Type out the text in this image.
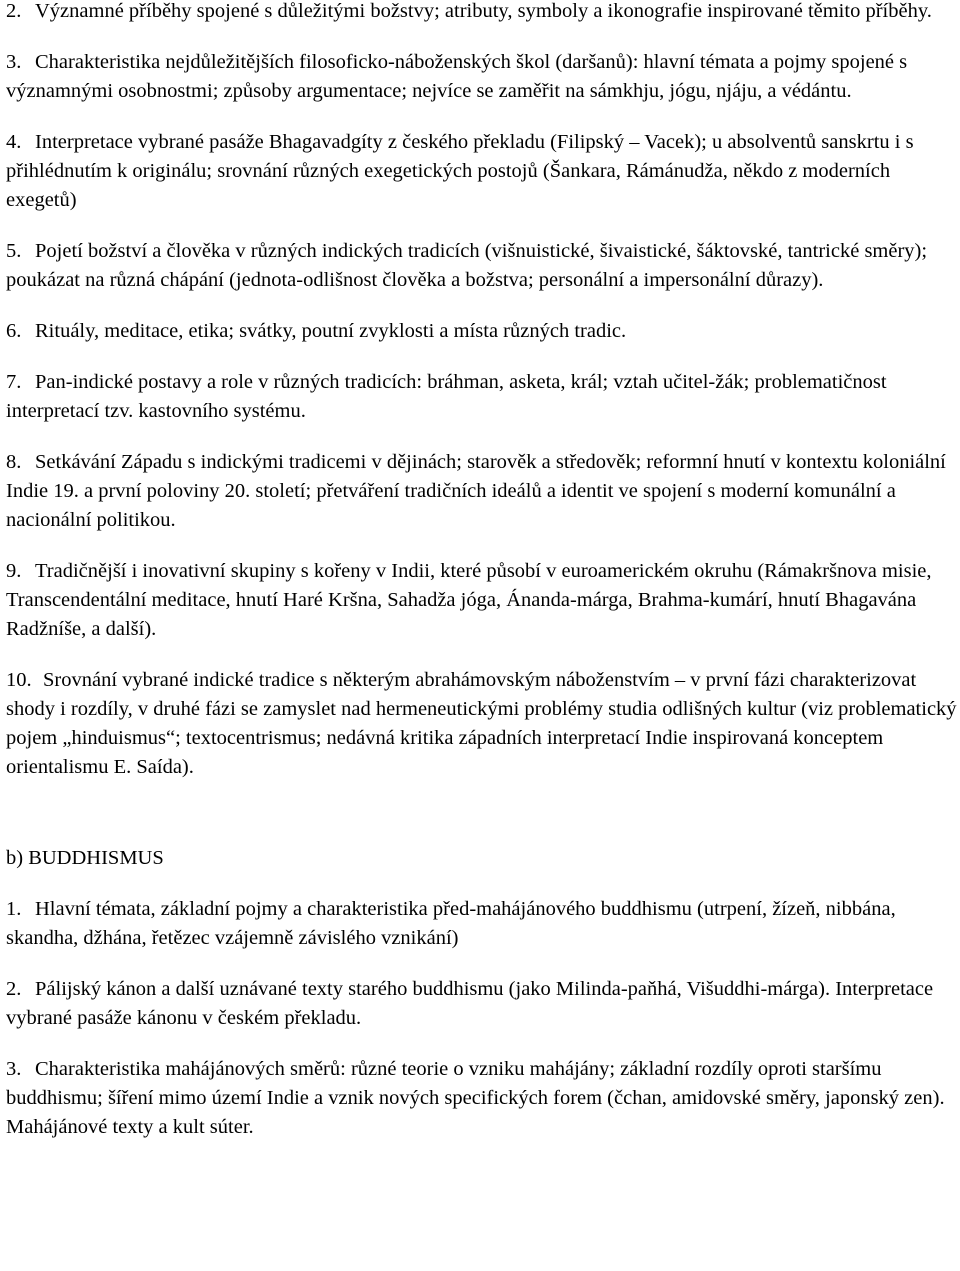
2. Významné příběhy spojené s důležitými božstvy; atributy, symboly a ikonografie inspirované těmito příběhy.
3. Charakteristika nejdůležitějších filosoficko-náboženských škol (daršanů): hlavní témata a pojmy spojené s významnými osobnostmi; způsoby argumentace; nejvíce se zaměřit na sámkhju, jógu, njáju, a védántu.
4. Interpretace vybrané pasáže Bhagavadgíty z českého překladu (Filipský – Vacek); u absolventů sanskrtu i s přihlédnutím k originálu; srovnání různých exegetických postojů (Šankara, Rámánudža, někdo z moderních exegetů)
5. Pojetí božství a člověka v různých indických tradicích (višnuistické, šivaistické, šáktovské, tantrické směry); poukázat na různá chápání (jednota-odlišnost člověka a božstva; personální a impersonální důrazy).
6. Rituály, meditace, etika; svátky, poutní zvyklosti a místa různých tradic.
7. Pan-indické postavy a role v různých tradicích: bráhman, asketa, král; vztah učitel-žák; problematičnost interpretací tzv. kastovního systému.
8. Setkávání Západu s indickými tradicemi v dějinách; starověk a středověk; reformní hnutí v kontextu koloniální Indie 19. a první poloviny 20. století; přetváření tradičních ideálů a identit ve spojení s moderní komunální a nacionální politikou.
9. Tradičnější i inovativní skupiny s kořeny v Indii, které působí v euroamerickém okruhu (Rámakršnova misie, Transcendentální meditace, hnutí Haré Kršna, Sahadža jóga, Ánanda-márga, Brahma-kumárí, hnutí Bhagavána Radžníše, a další).
10. Srovnání vybrané indické tradice s některým abrahámovským náboženstvím – v první fázi charakterizovat shody i rozdíly, v druhé fázi se zamyslet nad hermeneutickými problémy studia odlišných kultur (viz problematický pojem „hinduismus“; textocentrismus; nedávná kritika západních interpretací Indie inspirovaná konceptem orientalismu E. Saída).
b) BUDDHISMUS
1. Hlavní témata, základní pojmy a charakteristika před-mahájánového buddhismu (utrpení, žízeň, nibbána, skandha, džhána, řetězec vzájemně závislého vznikání)
2. Pálijský kánon a další uznávané texty starého buddhismu (jako Milinda-paňhá, Višuddhi-márga). Interpretace vybrané pasáže kánonu v českém překladu.
3. Charakteristika mahájánových směrů: různé teorie o vzniku mahájány; základní rozdíly oproti staršímu buddhismu; šíření mimo území Indie a vznik nových specifických forem (čchan, amidovské směry, japonský zen). Mahájánové texty a kult súter.
